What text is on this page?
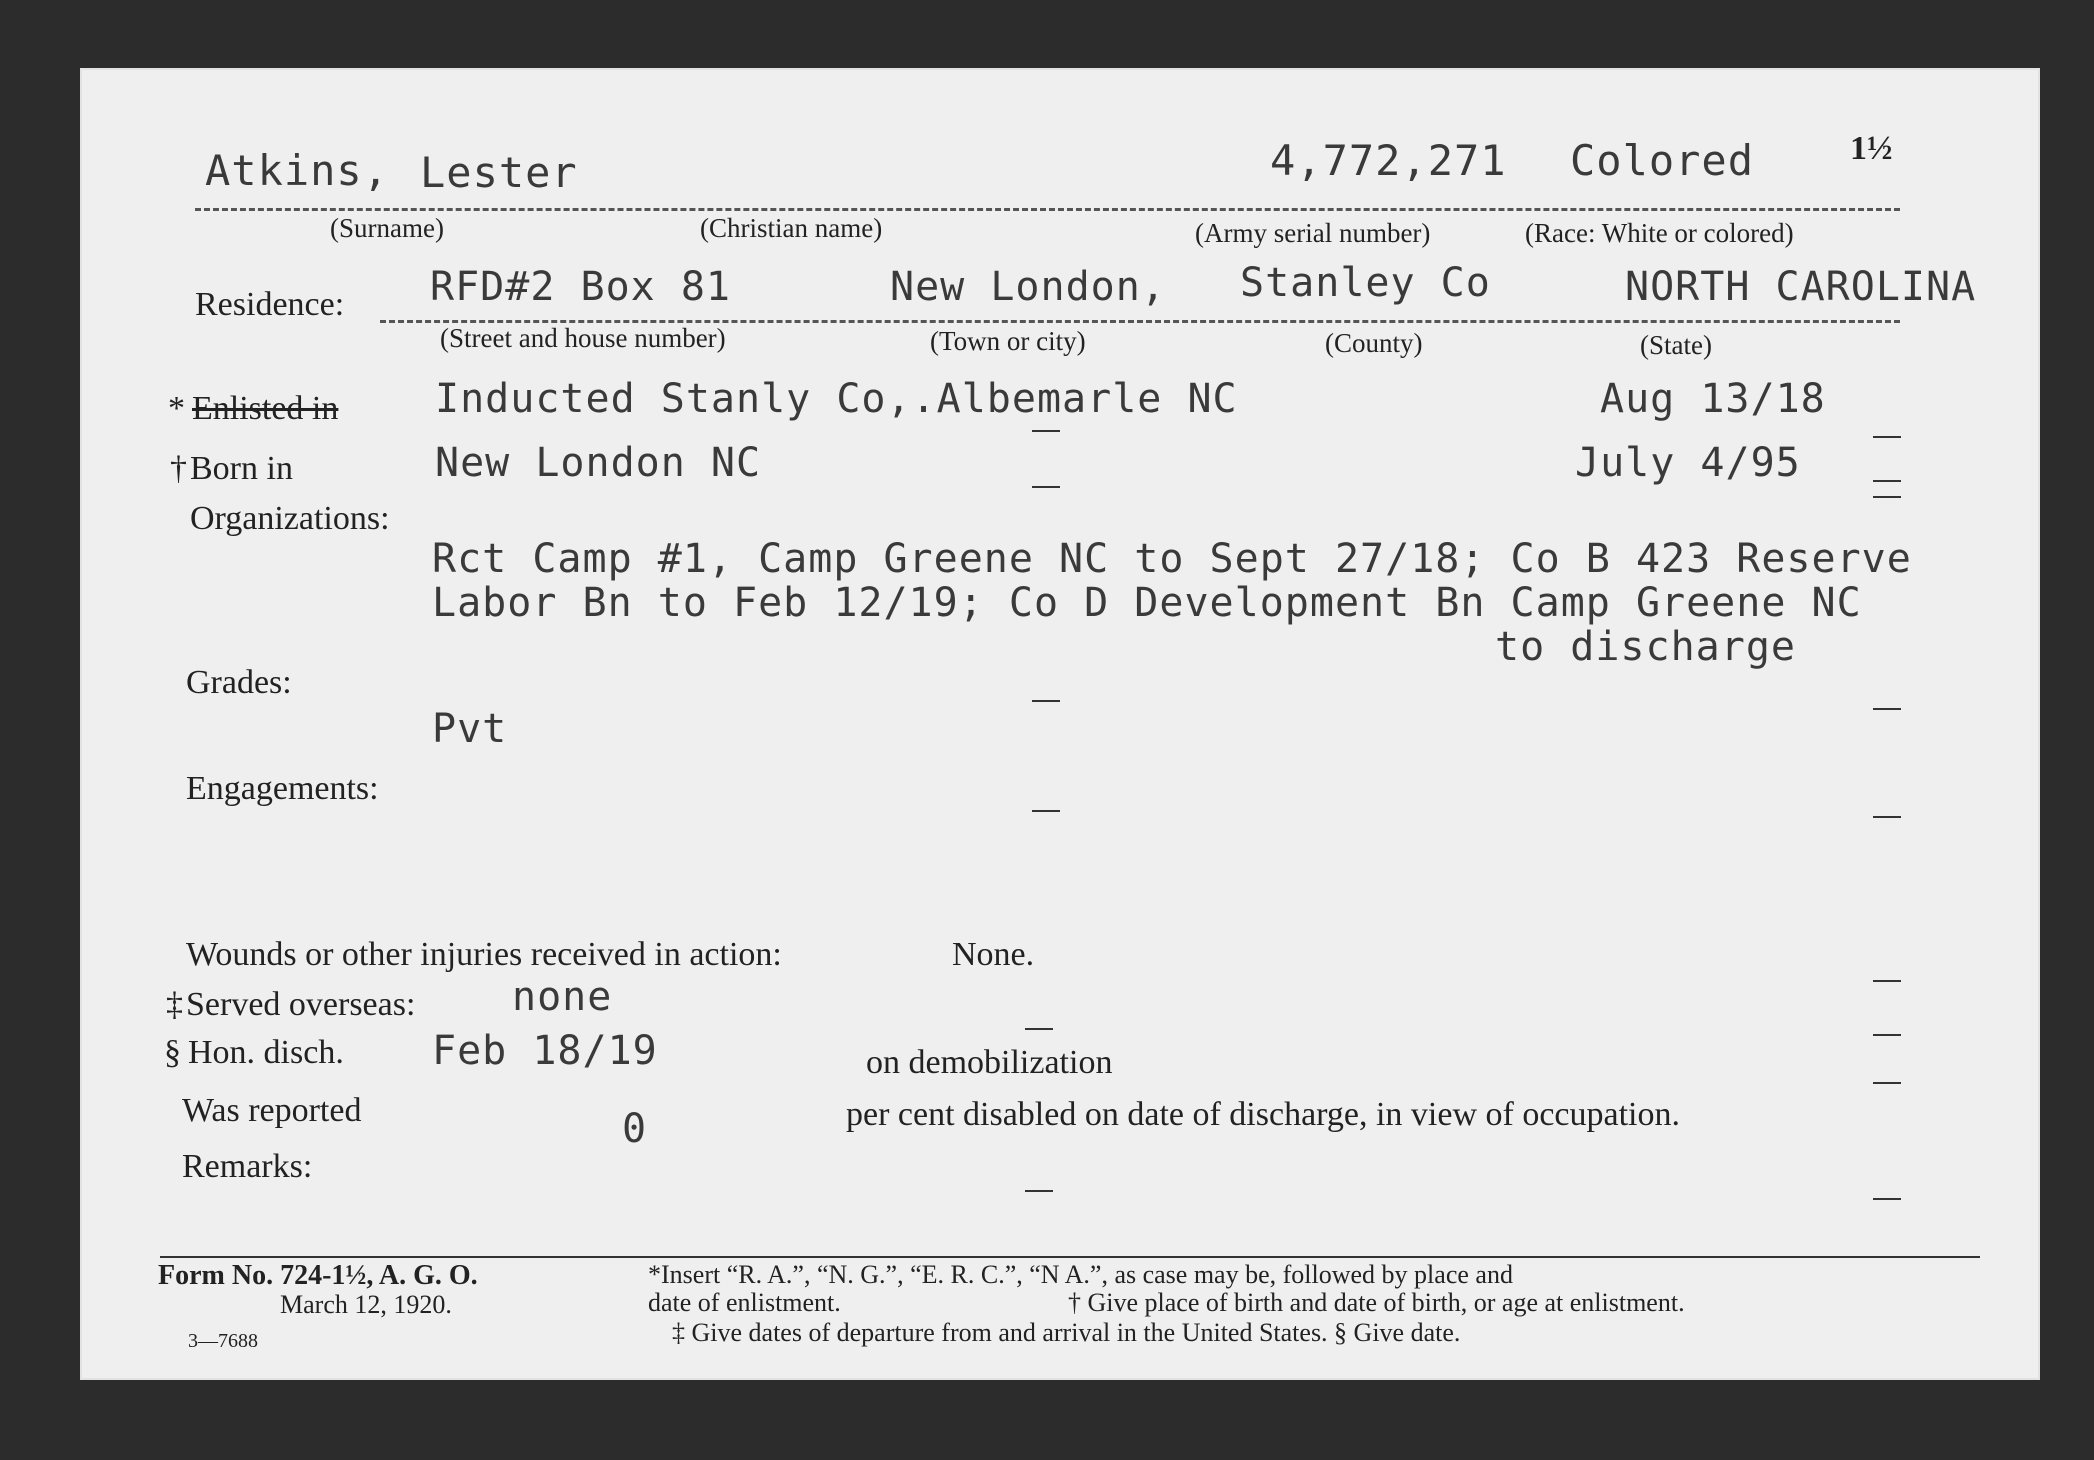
Atkins, Lester	4,772,271 Colored	1½
(Surname)	(Christian name)	(Army serial number)	(Race: White or colored)
Residence: RFD#2 Box 81	New London, Stanley Co	NORTH CAROLINA
(Street and house number)	(Town or city)	(County)	(State)
* Enlisted in Inducted Stanly Co,.Albemarle NC	Aug 13/18
† Born in	New London NC	July 4/95
Organizations:
Rct Camp #1, Camp Greene NC to Sept 27/18; Co B 423 Reserve
Labor Bn to Feb 12/19; Co D Development Bn Camp Greene NC
to discharge
Grades:
Pvt
Engagements:
Wounds or other injuries received in action:	None.
‡ Served overseas: none
§ Hon. disch. Feb 18/19	on demobilization
Was reported	0	per cent disabled on date of discharge, in view of occupation.
Remarks:
Form No. 724-1½, A. G. O.
March 12, 1920.
3—7688
*Insert “R. A.”, “N. G.”, “E. R. C.”, “N A.”, as case may be, followed by place and
date of enlistment.	† Give place of birth and date of birth, or age at enlistment.
‡ Give dates of departure from and arrival in the United States. § Give date.
